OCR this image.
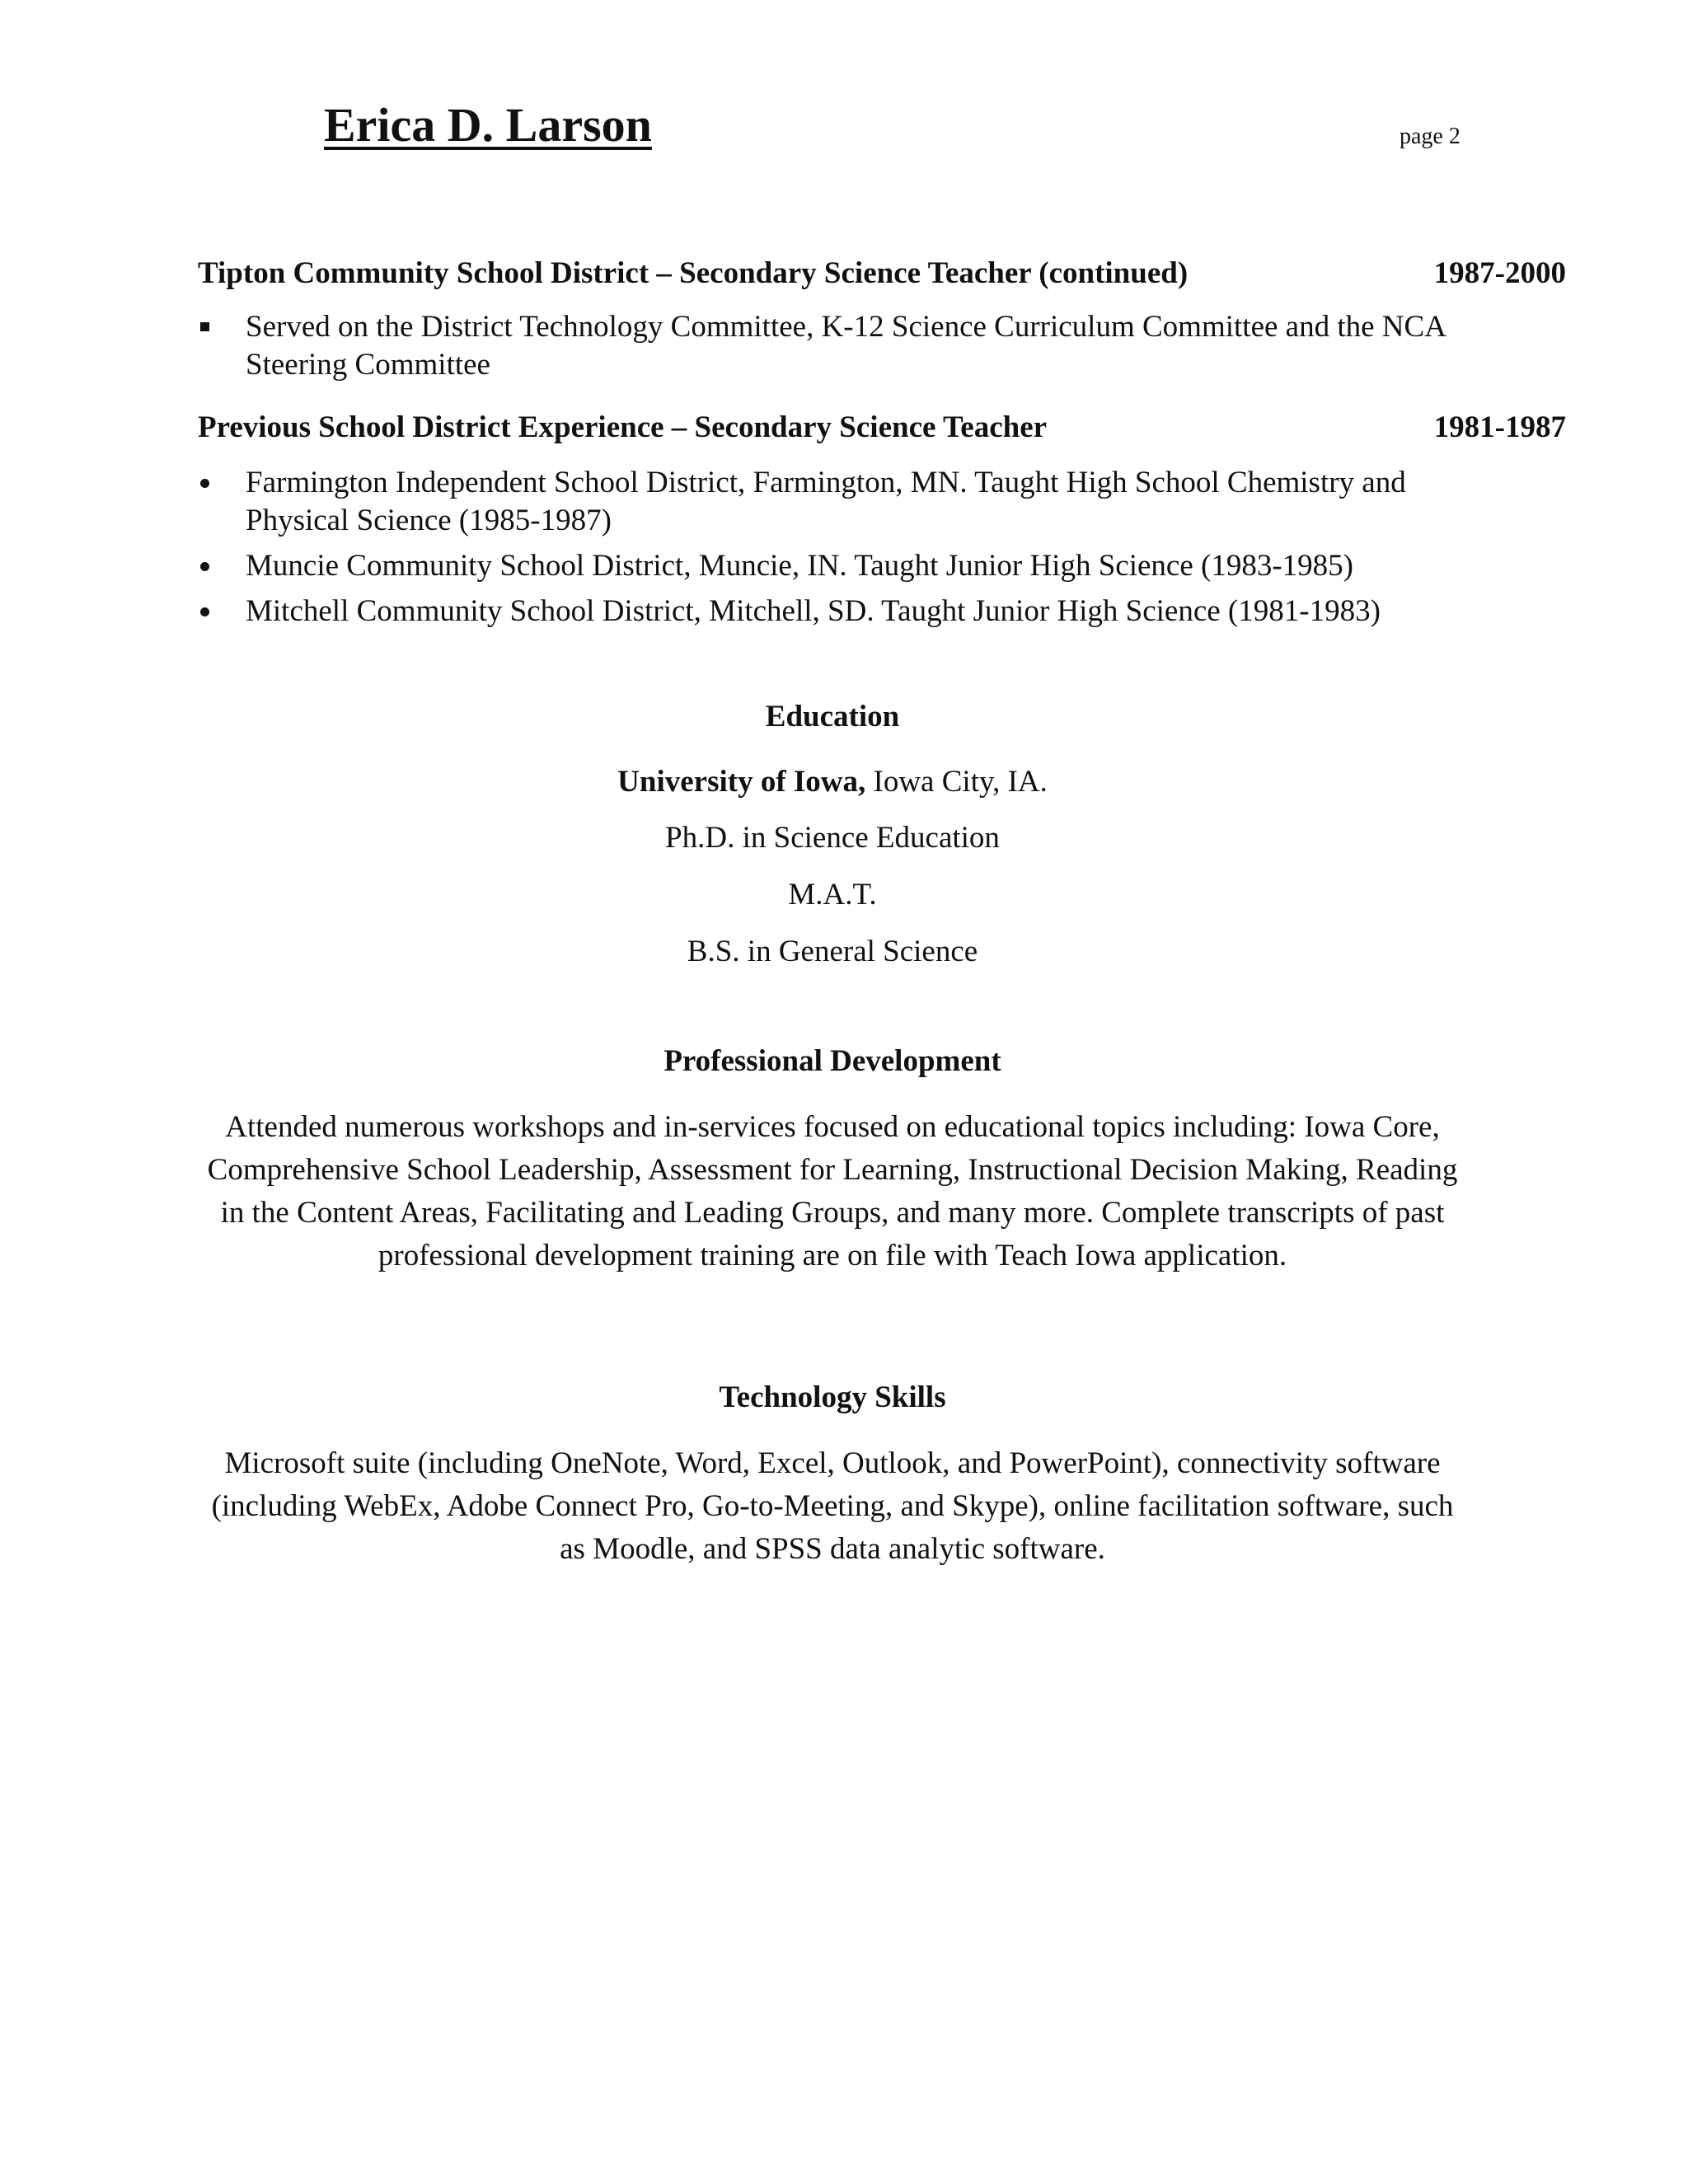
Erica D. Larson	page 2
Tipton Community School District – Secondary Science Teacher (continued)	1987-2000
Served on the District Technology Committee, K-12 Science Curriculum Committee and the NCA Steering Committee
Previous School District Experience – Secondary Science Teacher	1981-1987
Farmington Independent School District, Farmington, MN. Taught High School Chemistry and Physical Science (1985-1987)
Muncie Community School District, Muncie, IN. Taught Junior High Science (1983-1985)
Mitchell Community School District, Mitchell, SD. Taught Junior High Science (1981-1983)
Education
University of Iowa, Iowa City, IA.
Ph.D. in Science Education
M.A.T.
B.S. in General Science
Professional Development
Attended numerous workshops and in-services focused on educational topics including: Iowa Core, Comprehensive School Leadership, Assessment for Learning, Instructional Decision Making, Reading in the Content Areas, Facilitating and Leading Groups, and many more. Complete transcripts of past professional development training are on file with Teach Iowa application.
Technology Skills
Microsoft suite (including OneNote, Word, Excel, Outlook, and PowerPoint), connectivity software (including WebEx, Adobe Connect Pro, Go-to-Meeting, and Skype), online facilitation software, such as Moodle, and SPSS data analytic software.
